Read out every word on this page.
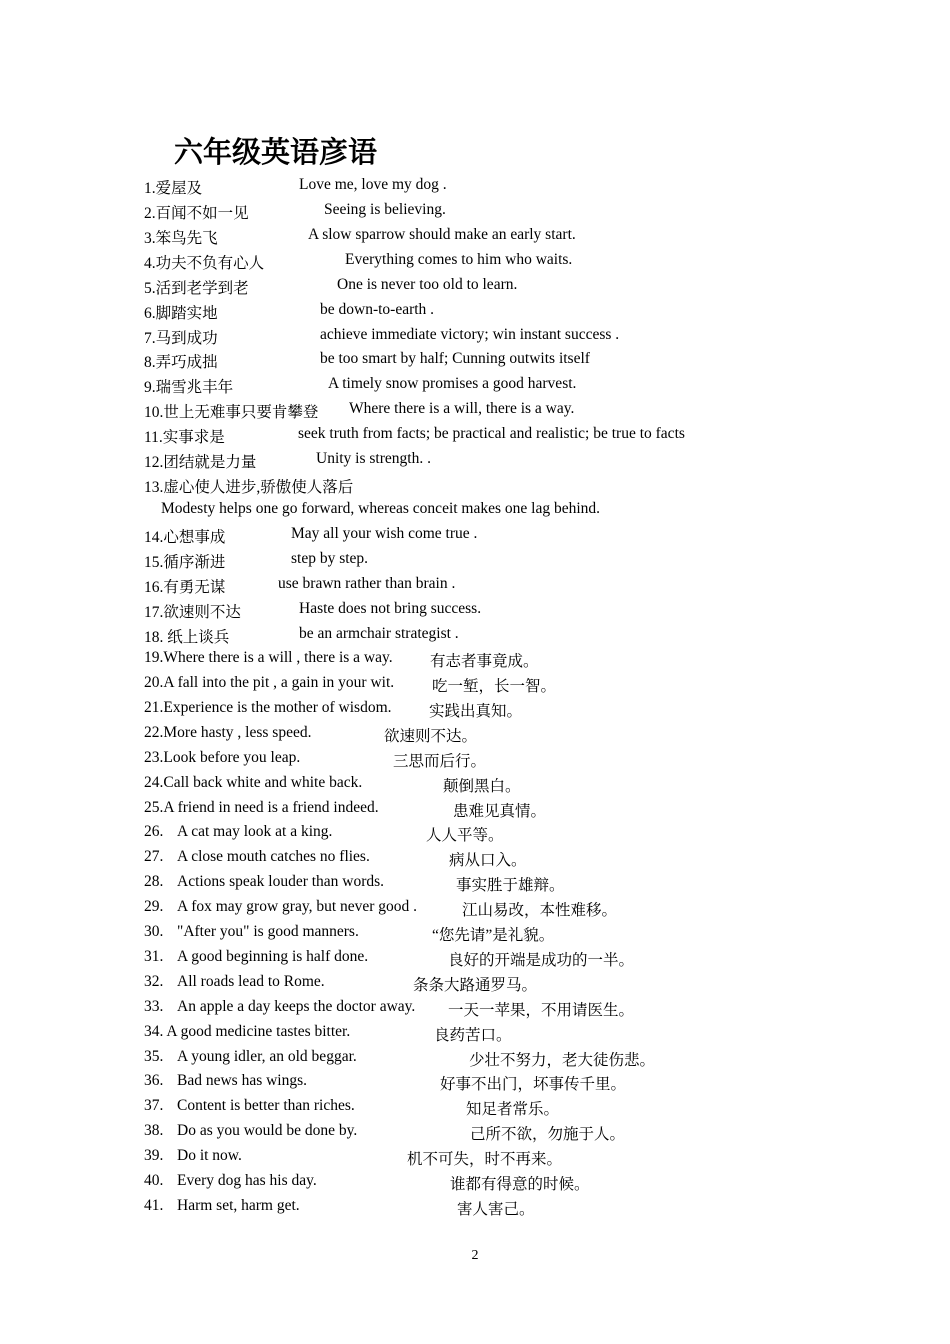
六年级英语彦语
1.爱屋及	Love me, love my dog .
2.百闻不如一见	Seeing is believing.
3.笨鸟先飞	A slow sparrow should make an early start.
4.功夫不负有心人	Everything comes to him who waits.
5.活到老学到老	One is never too old to learn.
6.脚踏实地	be down-to-earth .
7.马到成功	achieve immediate victory; win instant success .
8.弄巧成拙	be too smart by half; Cunning outwits itself
9.瑞雪兆丰年	A timely snow promises a good harvest.
10.世上无难事只要肯攀登 Where there is a will, there is a way.
11.实事求是	seek truth from facts; be practical and realistic; be true to facts
12.团结就是力量	Unity is strength. .
13.虚心使人进步,骄傲使人落后
Modesty helps one go forward, whereas conceit makes one lag behind.
14.心想事成	May all your wish come true .
15.循序渐进	step by step.
16.有勇无谋	use brawn rather than brain .
17.欲速则不达	Haste does not bring success.
18. 纸上谈兵	be an armchair strategist .
19.Where there is a will , there is a way. 有志者事竟成。
20.A fall into the pit , a gain in your wit. 吃一堑，长一智。
21.Experience is the mother of wisdom. 实践出真知。
22.More hasty , less speed.	欲速则不达。
23.Look before you leap.	三思而后行。
24.Call back white and white back.	颠倒黑白。
25.A friend in need is a friend indeed.	患难见真情。
26. A cat may look at a king.	人人平等。
27. A close mouth catches no flies.	病从口入。
28. Actions speak louder than words.	事实胜于雄辩。
29. A fox may grow gray, but never good .	江山易改，本性难移。
30. "After you" is good manners.	“您先请”是礼貌。
31. A good beginning is half done.	良好的开端是成功的一半。
32. All roads lead to Rome.	条条大路通罗马。
33. An apple a day keeps the doctor away. 一天一苹果，不用请医生。
34. A good medicine tastes bitter.	良药苦口。
35. A young idler, an old beggar.	少壮不努力，老大徒伤悲。
36. Bad news has wings.	好事不出门，坏事传千里。
37. Content is better than riches.	知足者常乐。
38. Do as you would be done by.	己所不欲，勿施于人。
39. Do it now.	机不可失，时不再来。
40. Every dog has his day.	谁都有得意的时候。
41. Harm set, harm get.	害人害己。
2
